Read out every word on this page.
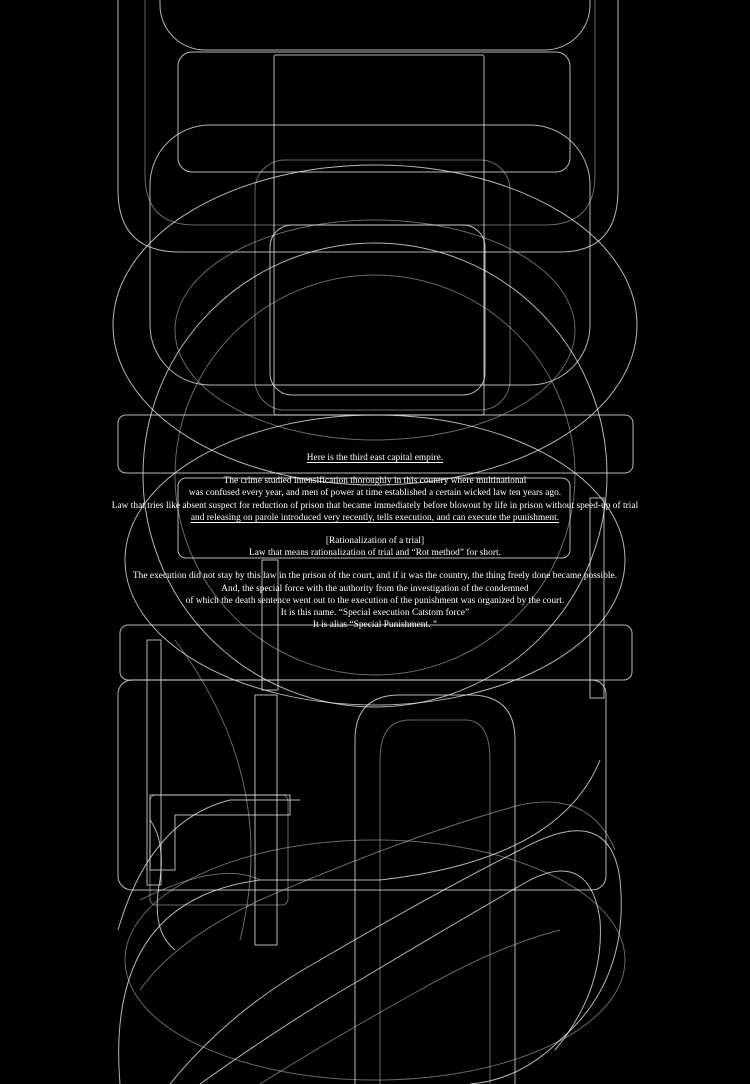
Here is the third east capital empire.
The crime studied intensification thoroughly in this country where multinational
was confused every year, and men of power at time established a certain wicked law ten years ago.
Law that tries like absent suspect for reduction of prison that became immediately before blowout by life in prison without speed-up of trial
and releasing on parole introduced very recently, tells execution, and can execute the punishment.
[Rationalization of a trial]
Law that means rationalization of trial and “Rot method” for short.
The execution did not stay by this law in the prison of the court, and if it was the country, the thing freely done became possible.
And, the special force with the authority from the investigation of the condemned
of which the death sentence went out to the execution of the punishment was organized by the court.
It is this name. “Special execution Catstom force”
It is alias “Special Punishment. ”
